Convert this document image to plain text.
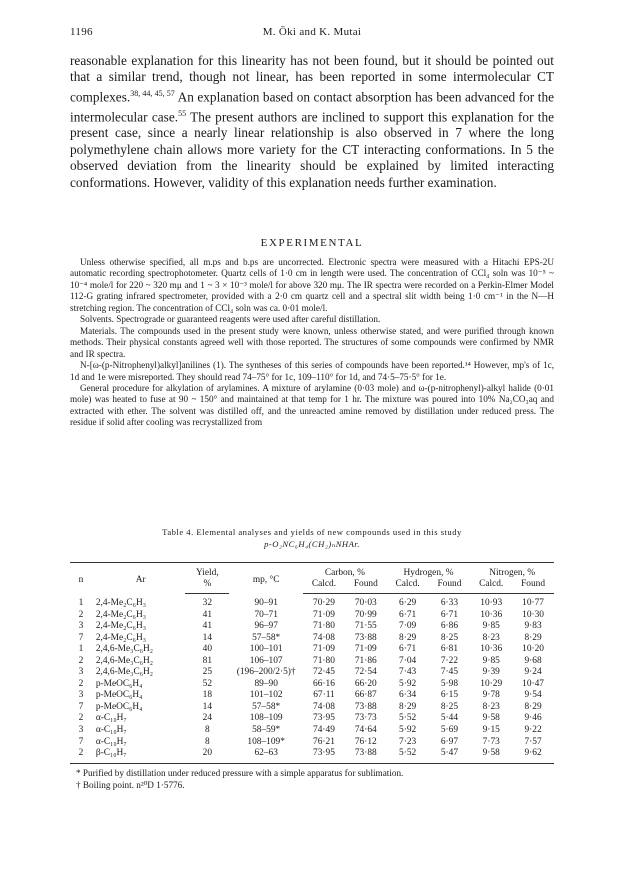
1196	M. Ōki and K. Mutai
reasonable explanation for this linearity has not been found, but it should be pointed out that a similar trend, though not linear, has been reported in some intermolecular CT complexes.$^{38, 44, 45, 57}$ An explanation based on contact absorption has been advanced for the intermolecular case.$^{55}$ The present authors are inclined to support this explanation for the present case, since a nearly linear relationship is also observed in 7 where the long polymethylene chain allows more variety for the CT interacting conformations. In 5 the observed deviation from the linearity should be explained by limited interacting conformations. However, validity of this explanation needs further examination.
EXPERIMENTAL

Unless otherwise specified, all m.ps and b.ps are uncorrected. Electronic spectra were measured with a Hitachi EPS-2U automatic recording spectrophotometer. Quartz cells of 1·0 cm in length were used. The concentration of CCl₄ soln was 10⁻⁵ ~ 10⁻⁴ mole/l for 220 ~ 320 mμ and 1 ~ 3 × 10⁻³ mole/l for above 320 mμ. The IR spectra were recorded on a Perkin-Elmer Model 112-G grating infrared spectrometer, provided with a 2·0 cm quartz cell and a spectral slit width being 1·0 cm⁻¹ in the N—H stretching region. The concentration of CCl₄ soln was ca. 0·01 mole/l.

Solvents. Spectrograde or guaranteed reagents were used after careful distillation.

Materials. The compounds used in the present study were known, unless otherwise stated, and were purified through known methods. Their physical constants agreed well with those reported. The structures of some compounds were confirmed by NMR and IR spectra.

N-[ω-(p-Nitrophenyl)alkyl]anilines (1). The syntheses of this series of compounds have been reported.¹⁴ However, mp's of 1c, 1d and 1e were misreported. They should read 74–75° for 1c, 109–110° for 1d, and 74·5–75·5° for 1e.

General procedure for alkylation of arylamines. A mixture of arylamine (0·03 mole) and ω-(p-nitrophenyl)-alkyl halide (0·01 mole) was heated to fuse at 90 ~ 150° and maintained at that temp for 1 hr. The mixture was poured into 10% Na₂CO₃aq and extracted with ether. The solvent was distilled off, and the unreacted amine removed by distillation under reduced press. The residue if solid after cooling was recrystallized from

Table 4. Elemental analyses and yields of new compounds used in this study
p-O₂NC₆H₄(CH₂)ₙNHAr.
n	Ar	Yield,	mp, °C	Carbon, %		Hydrogen, %		Nitrogen, %	
		%		Calcd.	Found	Calcd.	Found	Calcd.	Found
1	2,4-Me₂C₆H₃	32	90–91	70·29	70·03	6·29	6·33	10·93	10·77
2	2,4-Me₂C₆H₃	41	70–71	71·09	70·99	6·71	6·71	10·36	10·30
3	2,4-Me₂C₆H₃	41	96–97	71·80	71·55	7·09	6·86	9·85	9·83
7	2,4-Me₂C₆H₃	14	57–58*	74·08	73·88	8·29	8·25	8·23	8·29
1	2,4,6-Me₃C₆H₂	40	100–101	71·09	71·09	6·71	6·81	10·36	10·20
2	2,4,6-Me₃C₆H₂	81	106–107	71·80	71·86	7·04	7·22	9·85	9·68
3	2,4,6-Me₃C₆H₂	25	(196–200/2·5)†	72·45	72·54	7·43	7·45	9·39	9·24
2	p-MeOC₆H₄	52	89–90	66·16	66·20	5·92	5·98	10·29	10·47
3	p-MeOC₆H₄	18	101–102	67·11	66·87	6·34	6·15	9·78	9·54
7	p-MeOC₆H₄	14	57–58*	74·08	73·88	8·29	8·25	8·23	8·29
2	α-C₁₀H₇	24	108–109	73·95	73·73	5·52	5·44	9·58	9·46
3	α-C₁₀H₇	8	58–59*	74·49	74·64	5·92	5·69	9·15	9·22
7	α-C₁₀H₇	8	108–109*	76·21	76·12	7·23	6·97	7·73	7·57
2	β-C₁₀H₇	20	62–63	73·95	73·88	5·52	5·47	9·58	9·62

* Purified by distillation under reduced pressure with a simple apparatus for sublimation.

† Boiling point. n²⁰D 1·5776.
